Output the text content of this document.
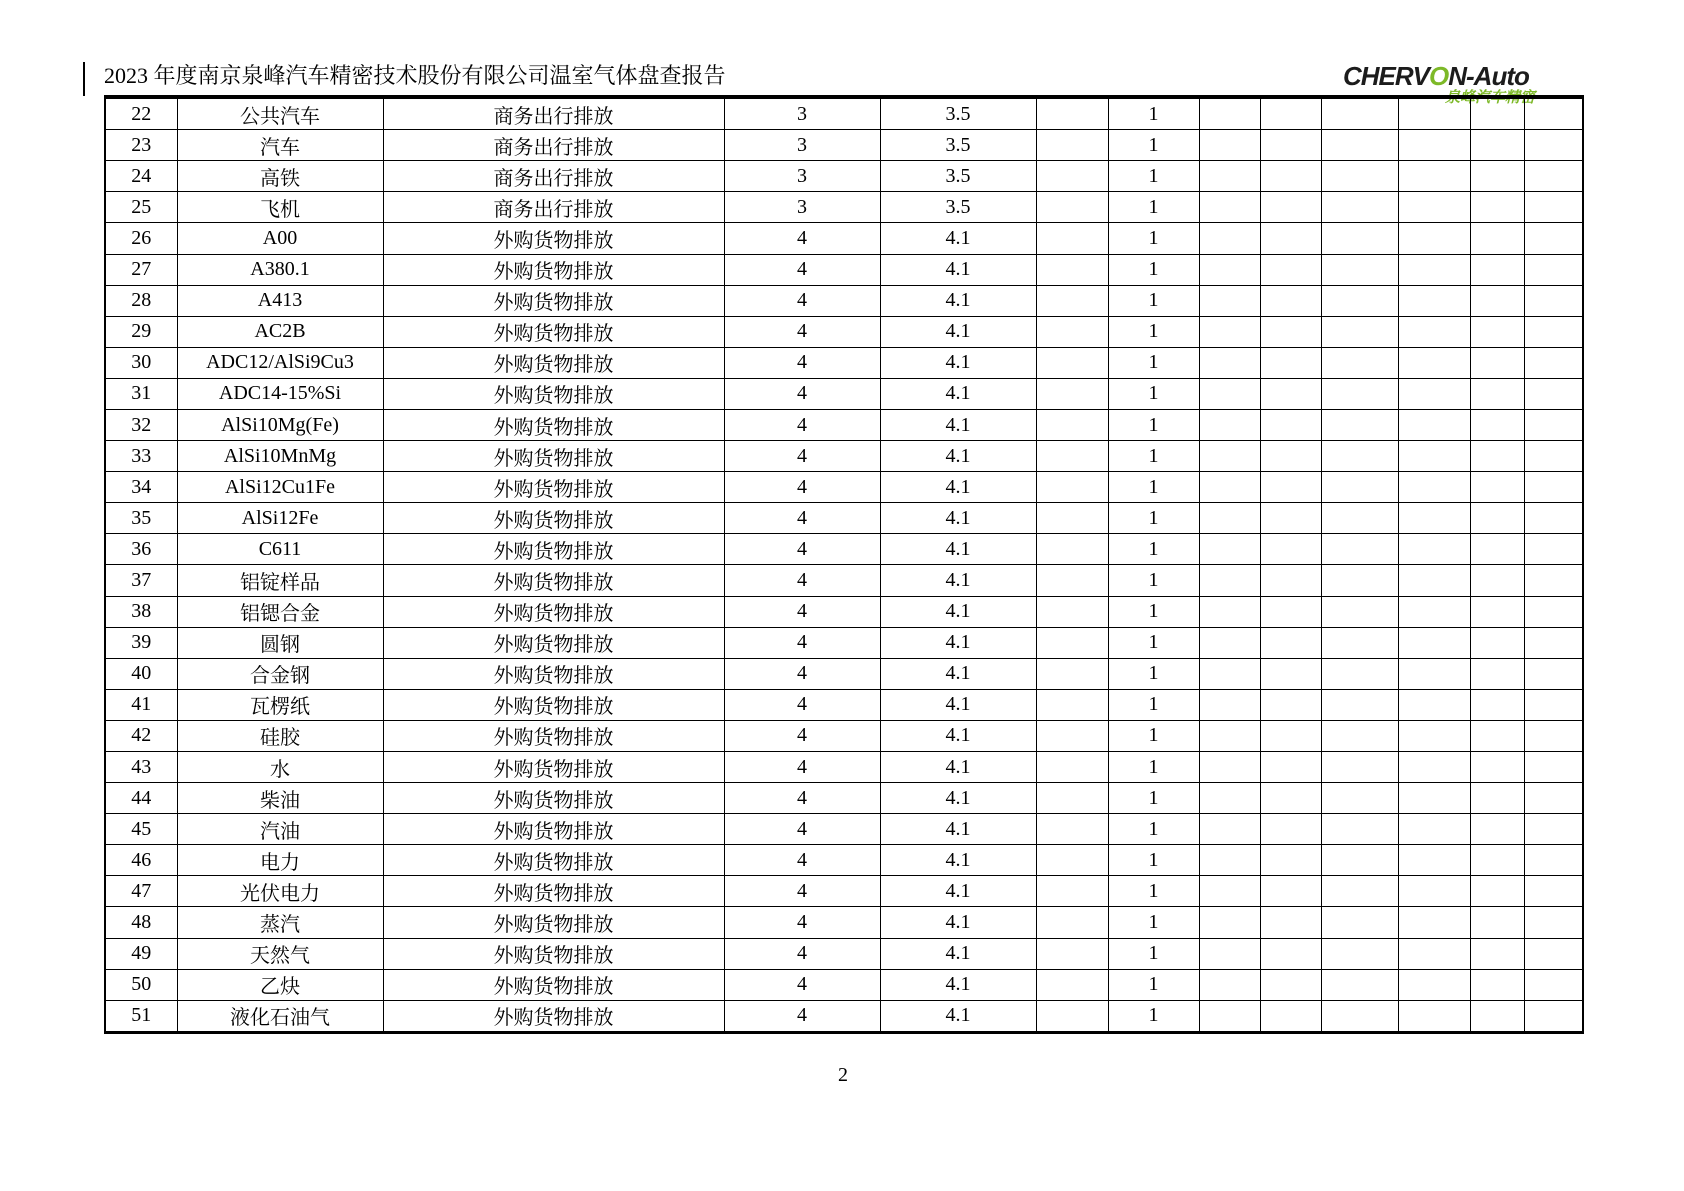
2023 年度南京泉峰汽车精密技术股份有限公司温室气体盘查报告	CHERVON-Auto
泉峰汽车精密
22	公共汽车	商务出行排放	3	3.5		1						
23	汽车	商务出行排放	3	3.5		1						
24	高铁	商务出行排放	3	3.5		1						
25	飞机	商务出行排放	3	3.5		1						
26	A00	外购货物排放	4	4.1		1						
27	A380.1	外购货物排放	4	4.1		1						
28	A413	外购货物排放	4	4.1		1						
29	AC2B	外购货物排放	4	4.1		1						
30	ADC12/AlSi9Cu3	外购货物排放	4	4.1		1						
31	ADC14-15%Si	外购货物排放	4	4.1		1						
32	AlSi10Mg(Fe)	外购货物排放	4	4.1		1						
33	AlSi10MnMg	外购货物排放	4	4.1		1						
34	AlSi12Cu1Fe	外购货物排放	4	4.1		1						
35	AlSi12Fe	外购货物排放	4	4.1		1						
36	C611	外购货物排放	4	4.1		1						
37	铝锭样品	外购货物排放	4	4.1		1						
38	铝锶合金	外购货物排放	4	4.1		1						
39	圆钢	外购货物排放	4	4.1		1						
40	合金钢	外购货物排放	4	4.1		1						
41	瓦楞纸	外购货物排放	4	4.1		1						
42	硅胶	外购货物排放	4	4.1		1						
43	水	外购货物排放	4	4.1		1						
44	柴油	外购货物排放	4	4.1		1						
45	汽油	外购货物排放	4	4.1		1						
46	电力	外购货物排放	4	4.1		1						
47	光伏电力	外购货物排放	4	4.1		1						
48	蒸汽	外购货物排放	4	4.1		1						
49	天然气	外购货物排放	4	4.1		1						
50	乙炔	外购货物排放	4	4.1		1						
51	液化石油气	外购货物排放	4	4.1		1						
2
